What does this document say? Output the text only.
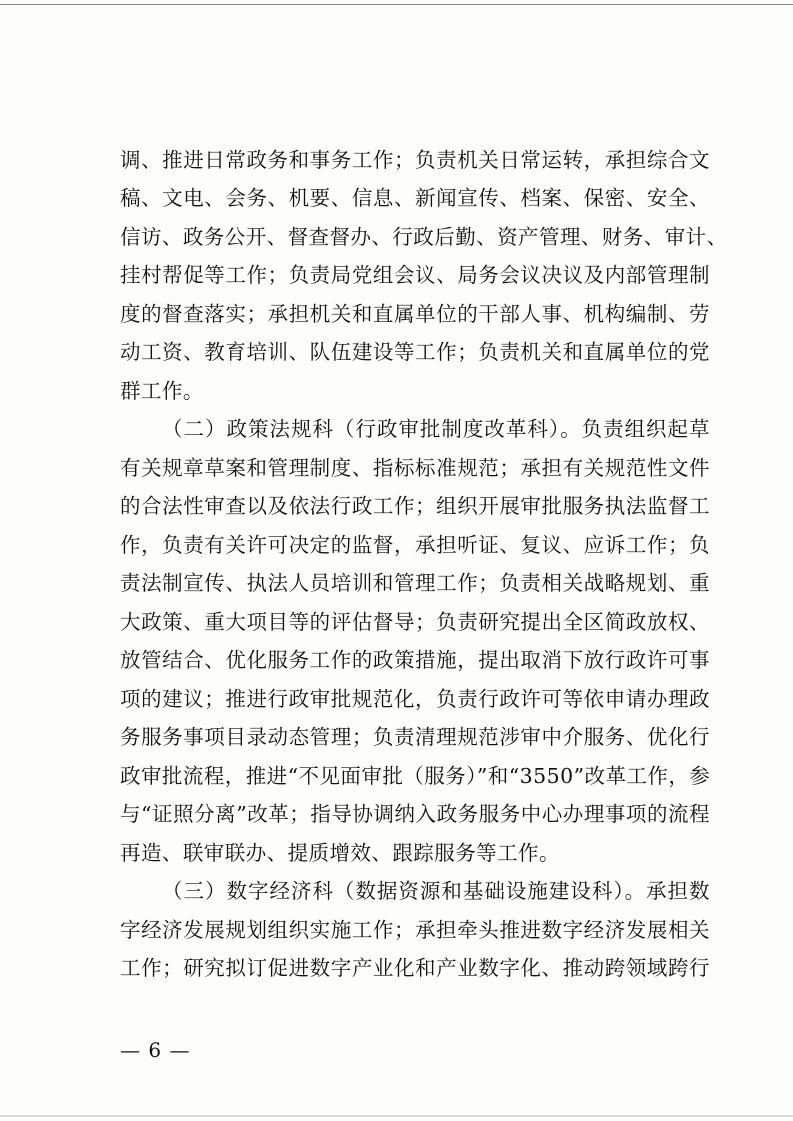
调、推进日常政务和事务工作；负责机关日常运转，承担综合文
稿、文电、会务、机要、信息、新闻宣传、档案、保密、安全、
信访、政务公开、督查督办、行政后勤、资产管理、财务、审计、
挂村帮促等工作；负责局党组会议、局务会议决议及内部管理制
度的督查落实；承担机关和直属单位的干部人事、机构编制、劳
动工资、教育培训、队伍建设等工作；负责机关和直属单位的党
群工作。
（二）政策法规科（行政审批制度改革科）。负责组织起草
有关规章草案和管理制度、指标标准规范；承担有关规范性文件
的合法性审查以及依法行政工作；组织开展审批服务执法监督工
作，负责有关许可决定的监督，承担听证、复议、应诉工作；负
责法制宣传、执法人员培训和管理工作；负责相关战略规划、重
大政策、重大项目等的评估督导；负责研究提出全区简政放权、
放管结合、优化服务工作的政策措施，提出取消下放行政许可事
项的建议；推进行政审批规范化，负责行政许可等依申请办理政
务服务事项目录动态管理；负责清理规范涉审中介服务、优化行
政审批流程，推进“不见面审批（服务）”和“3550”改革工作，参
与“证照分离”改革；指导协调纳入政务服务中心办理事项的流程
再造、联审联办、提质增效、跟踪服务等工作。
（三）数字经济科（数据资源和基础设施建设科）。承担数
字经济发展规划组织实施工作；承担牵头推进数字经济发展相关
工作；研究拟订促进数字产业化和产业数字化、推动跨领域跨行
— 6 —
